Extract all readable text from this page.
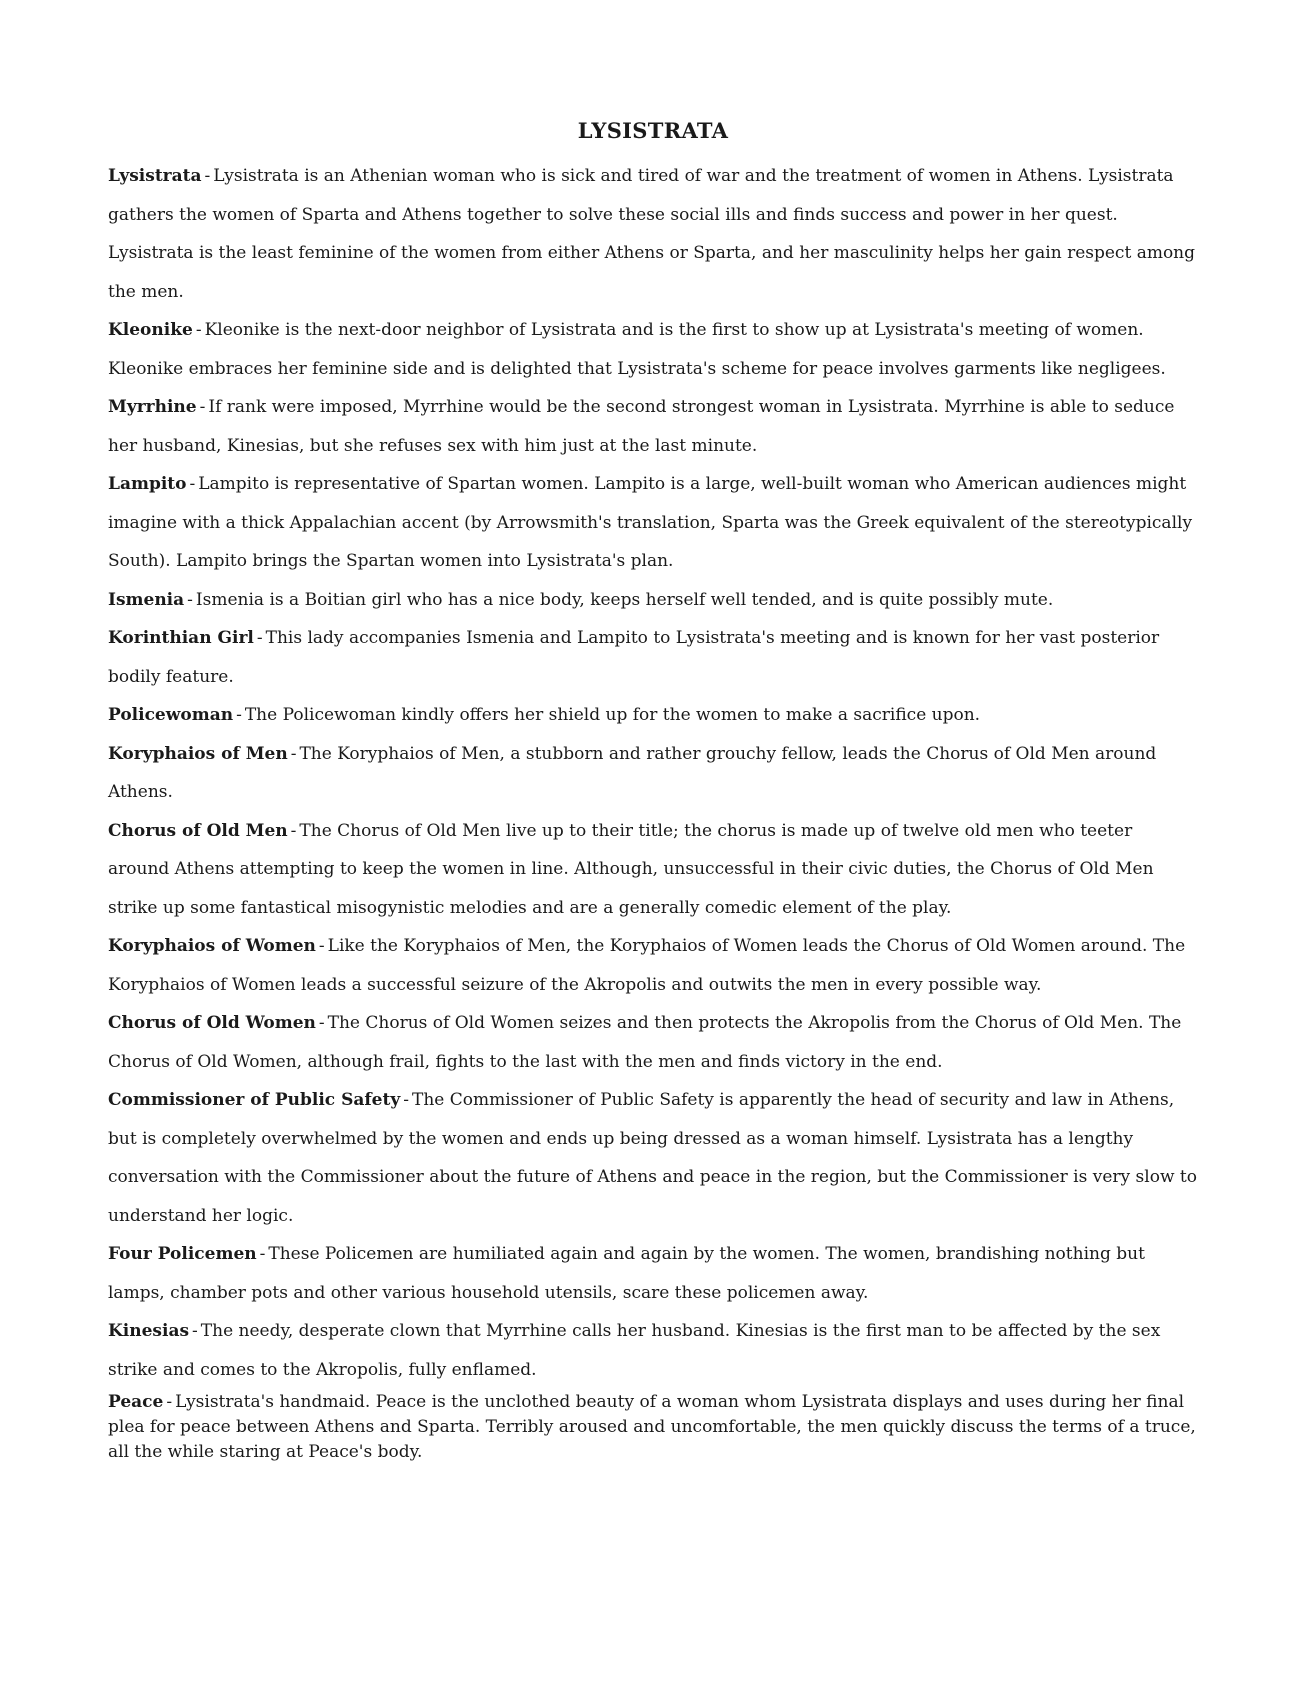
LYSISTRATA

Lysistrata - Lysistrata is an Athenian woman who is sick and tired of war and the treatment of women in Athens. Lysistrata gathers the women of Sparta and Athens together to solve these social ills and finds success and power in her quest. Lysistrata is the least feminine of the women from either Athens or Sparta, and her masculinity helps her gain respect among the men.

Kleonike - Kleonike is the next-door neighbor of Lysistrata and is the first to show up at Lysistrata's meeting of women. Kleonike embraces her feminine side and is delighted that Lysistrata's scheme for peace involves garments like negligees.

Myrrhine - If rank were imposed, Myrrhine would be the second strongest woman in Lysistrata. Myrrhine is able to seduce her husband, Kinesias, but she refuses sex with him just at the last minute.

Lampito - Lampito is representative of Spartan women. Lampito is a large, well-built woman who American audiences might imagine with a thick Appalachian accent (by Arrowsmith's translation, Sparta was the Greek equivalent of the stereotypically South). Lampito brings the Spartan women into Lysistrata's plan.

Ismenia - Ismenia is a Boitian girl who has a nice body, keeps herself well tended, and is quite possibly mute.

Korinthian Girl - This lady accompanies Ismenia and Lampito to Lysistrata's meeting and is known for her vast posterior bodily feature.

Policewoman - The Policewoman kindly offers her shield up for the women to make a sacrifice upon.

Koryphaios of Men - The Koryphaios of Men, a stubborn and rather grouchy fellow, leads the Chorus of Old Men around Athens.

Chorus of Old Men - The Chorus of Old Men live up to their title; the chorus is made up of twelve old men who teeter around Athens attempting to keep the women in line. Although, unsuccessful in their civic duties, the Chorus of Old Men strike up some fantastical misogynistic melodies and are a generally comedic element of the play.

Koryphaios of Women - Like the Koryphaios of Men, the Koryphaios of Women leads the Chorus of Old Women around. The Koryphaios of Women leads a successful seizure of the Akropolis and outwits the men in every possible way.

Chorus of Old Women - The Chorus of Old Women seizes and then protects the Akropolis from the Chorus of Old Men. The Chorus of Old Women, although frail, fights to the last with the men and finds victory in the end.

Commissioner of Public Safety - The Commissioner of Public Safety is apparently the head of security and law in Athens, but is completely overwhelmed by the women and ends up being dressed as a woman himself. Lysistrata has a lengthy conversation with the Commissioner about the future of Athens and peace in the region, but the Commissioner is very slow to understand her logic.

Four Policemen - These Policemen are humiliated again and again by the women. The women, brandishing nothing but lamps, chamber pots and other various household utensils, scare these policemen away.

Kinesias - The needy, desperate clown that Myrrhine calls her husband. Kinesias is the first man to be affected by the sex strike and comes to the Akropolis, fully enflamed.

Peace - Lysistrata's handmaid. Peace is the unclothed beauty of a woman whom Lysistrata displays and uses during her final plea for peace between Athens and Sparta. Terribly aroused and uncomfortable, the men quickly discuss the terms of a truce, all the while staring at Peace's body.
